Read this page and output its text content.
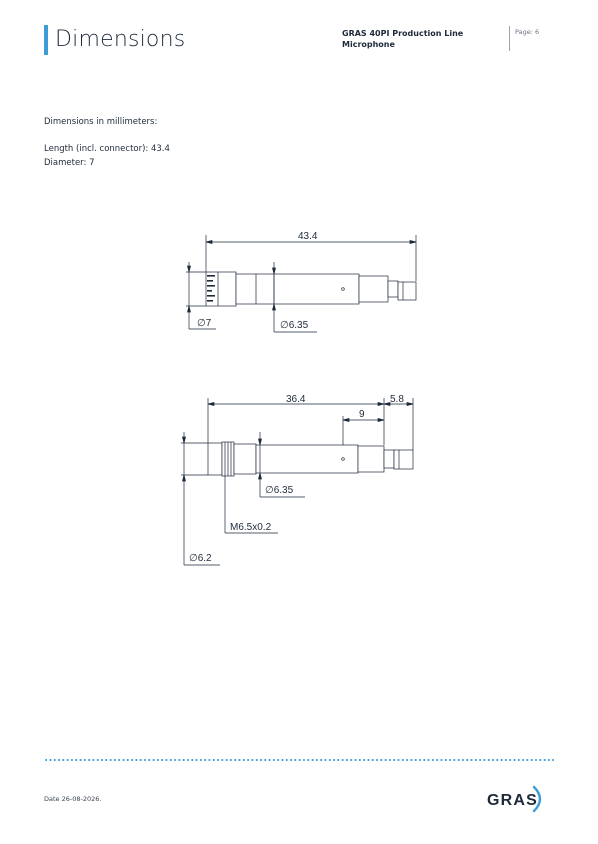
Dimensions	GRAS 40PI Production Line Microphone
Page: 6
Dimensions in millimeters:
Length (incl. connector): 43.4
Diameter: 7
43.4
∅7	∅6.35
36.4	5.8
9
∅6.35
M6.5x0.2
∅6.2
Date 26-08-2026.	GRAS
